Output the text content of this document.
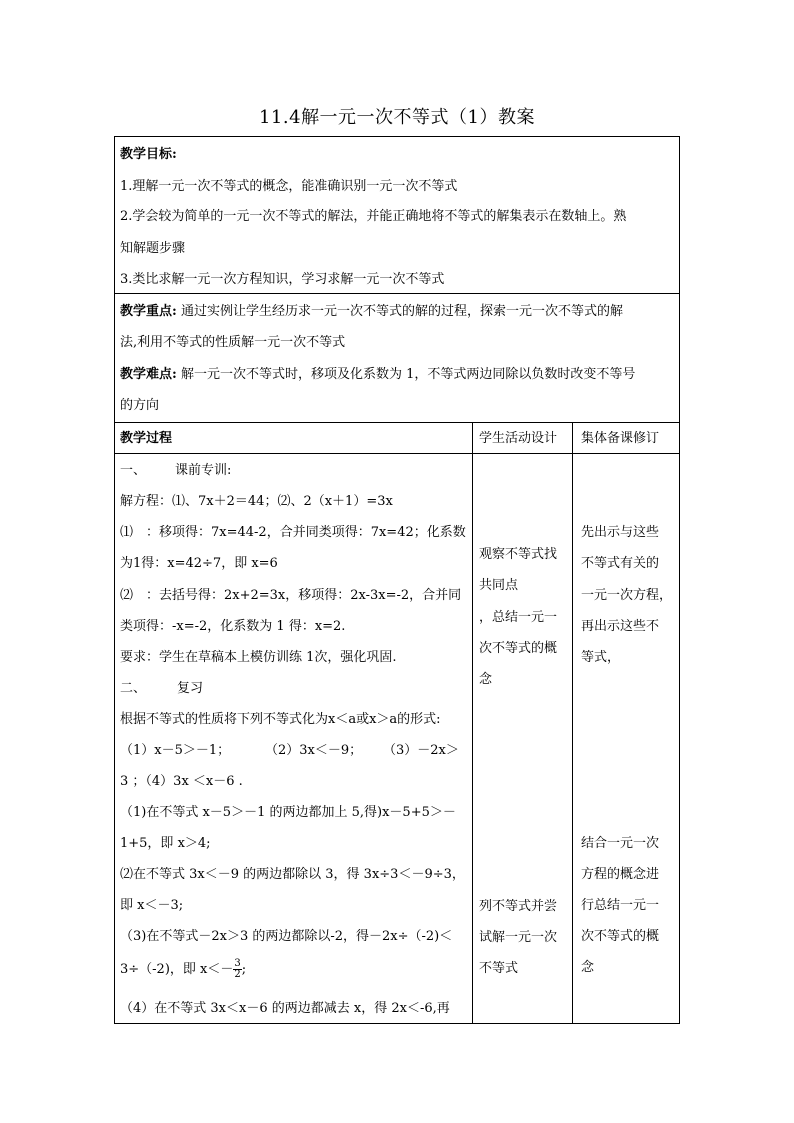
11.4解一元一次不等式（1）教案
教学目标:
1.理解一元一次不等式的概念，能准确识别一元一次不等式
2.学会较为简单的一元一次不等式的解法，并能正确地将不等式的解集表示在数轴上。熟
知解题步骤
3.类比求解一元一次方程知识，学习求解一元一次不等式
教学重点: 通过实例让学生经历求一元一次不等式的解的过程，探索一元一次不等式的解
法,利用不等式的性质解一元一次不等式
教学难点: 解一元一次不等式时，移项及化系数为 1，不等式两边同除以负数时改变不等号
的方向
教学过程	学生活动设计 集体备课修订
一、 课前专训:
解方程：⑴、7x＋2＝44；⑵、2（x＋1）=3x
⑴　：移项得：7x=44-2，合并同类项得：7x=42；化系数
为1得：x=42÷7，即 x=6
⑵　：去括号得：2x+2=3x，移项得：2x-3x=-2，合并同
类项得：-x=-2，化系数为 1 得：x=2.
要求：学生在草稿本上模仿训练 1次，强化巩固.
二、 复习
根据不等式的性质将下列不等式化为x＜a或x＞a的形式:
（1）x－5＞－1；	（2）3x＜－9； （3）－2x＞
3 ；（4）3x ＜x－6 .
（1)在不等式 x－5＞－1 的两边都加上 5,得)x－5+5＞－
1+5，即 x＞4;
⑵在不等式 3x＜－9 的两边都除以 3，得 3x÷3＜－9÷3，
即 x＜－3;
（3)在不等式－2x＞3 的两边都除以-2，得－2x÷（-2)＜
3÷（-2)，即 $x<- \frac{3}{2}$ ;
（4）在不等式 3x＜x－6 的两边都减去 x，得 2x＜-6,再
观察不等式找
共同点
，总结一元一
次不等式的概
念
列不等式并尝
试解一元一次
不等式
先出示与这些
不等式有关的
一元一次方程，
再出示这些不
等式，
结合一元一次
方程的概念进
行总结一元一
次不等式的概
念
